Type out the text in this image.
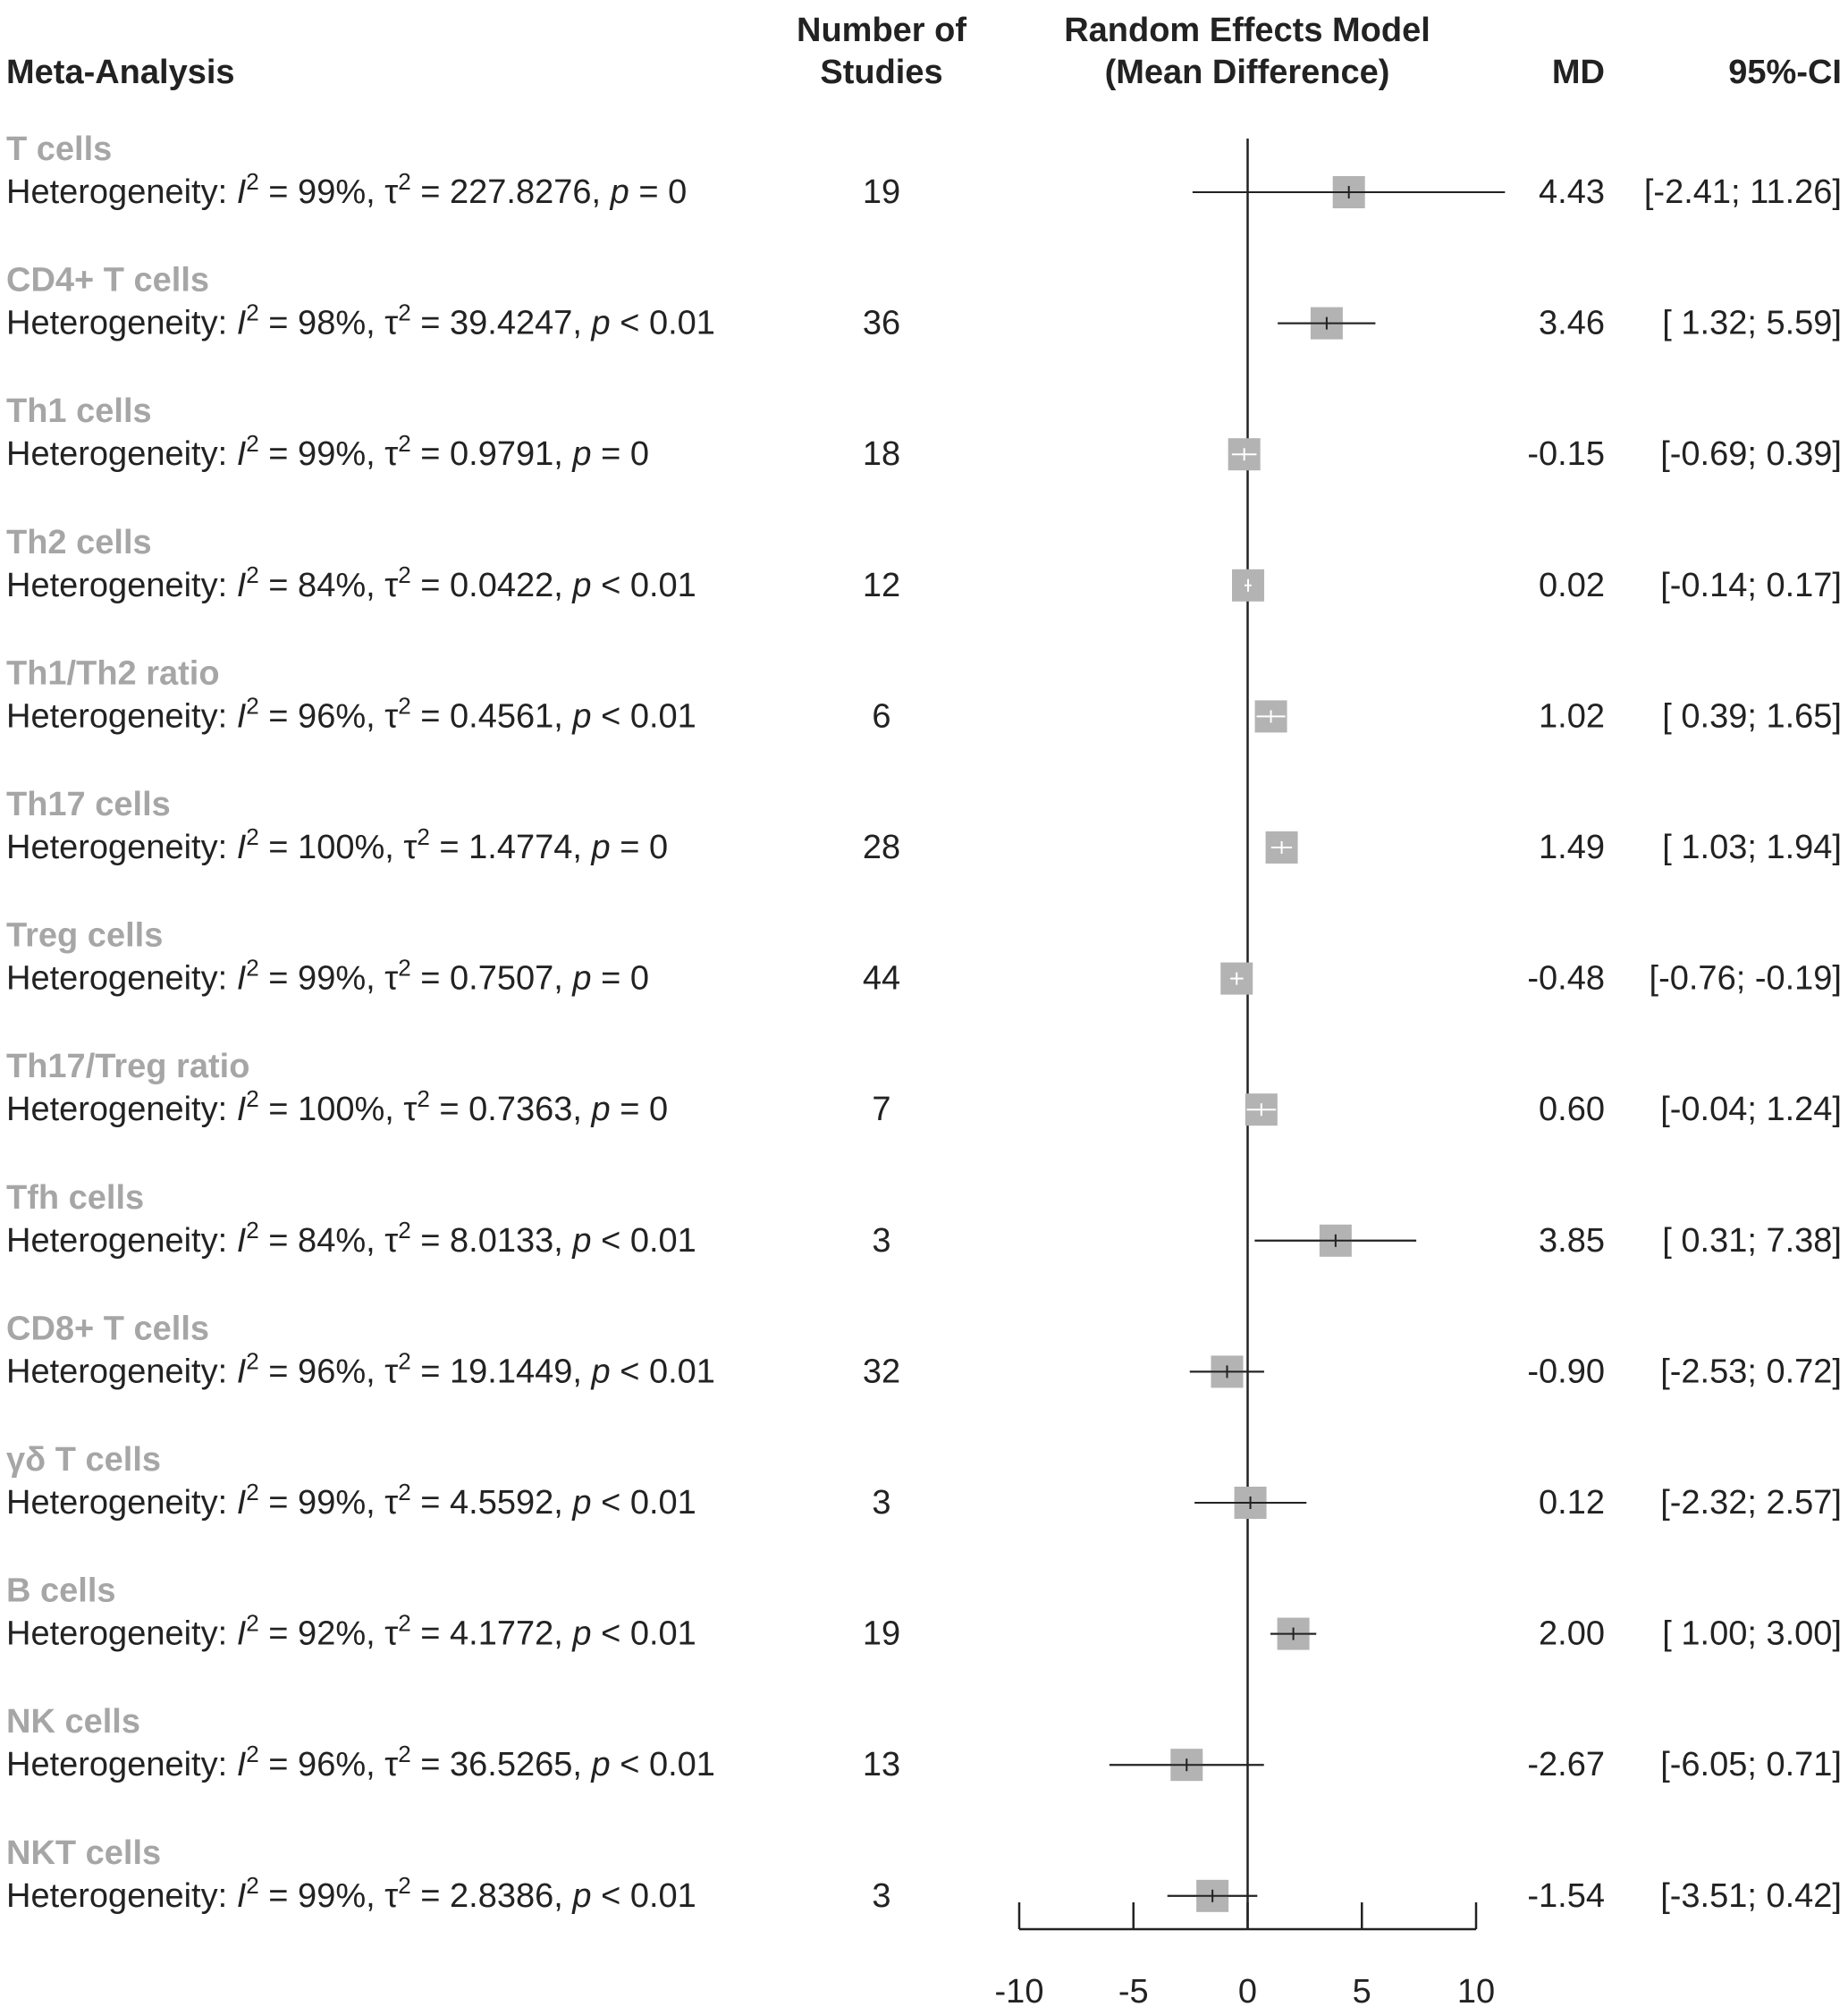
Meta-Analysis
Number of
Studies
Random Effects Model
(Mean Difference)	MD	95%-CI
T cells
Heterogeneity: $I^2 = 99\%$, $\tau^2 = 227.8276$, p = 0	19	4.43 [-2.41; 11.26]
CD4+ T cells
Heterogeneity: $I^2 = 98\%$, $\tau^2 = 39.4247$, p < 0.01	36	3.46 [ 1.32; 5.59]
Th1 cells
Heterogeneity: $I^2 = 99\%$, $\tau^2 = 0.9791$, p = 0	18	-0.15 [-0.69; 0.39]
Th2 cells
Heterogeneity: $I^2 = 84\%$, $\tau^2 = 0.0422$, p < 0.01	12	0.02 [-0.14; 0.17]
Th1/Th2 ratio
Heterogeneity: $I^2 = 96\%$, $\tau^2 = 0.4561$, p < 0.01	6	1.02 [ 0.39; 1.65]
Th17 cells
Heterogeneity: $I^2 = 100\%$, $\tau^2 = 1.4774$, p = 0	28	1.49 [ 1.03; 1.94]
Treg cells
Heterogeneity: $I^2 = 99\%$, $\tau^2 = 0.7507$, p = 0	44	-0.48 [-0.76; -0.19]
Th17/Treg ratio
Heterogeneity: $I^2 = 100\%$, $\tau^2 = 0.7363$, p = 0	7	0.60 [-0.04; 1.24]
Tfh cells
Heterogeneity: $I^2 = 84\%$, $\tau^2 = 8.0133$, p < 0.01	3	3.85 [ 0.31; 7.38]
CD8+ T cells
Heterogeneity: $I^2 = 96\%$, $\tau^2 = 19.1449$, p < 0.01	32	-0.90 [-2.53; 0.72]
γδ T cells
Heterogeneity: $I^2 = 99\%$, $\tau^2 = 4.5592$, p < 0.01	3	0.12 [-2.32; 2.57]
B cells
Heterogeneity: $I^2 = 92\%$, $\tau^2 = 4.1772$, p < 0.01	19	2.00 [ 1.00; 3.00]
NK cells
Heterogeneity: $I^2 = 96\%$, $\tau^2 = 36.5265$, p < 0.01	13	-2.67 [-6.05; 0.71]
NKT cells
Heterogeneity: $I^2 = 99\%$, $\tau^2 = 2.8386$, p < 0.01	3	-1.54 [-3.51; 0.42]
-10 -5	0	5	10
